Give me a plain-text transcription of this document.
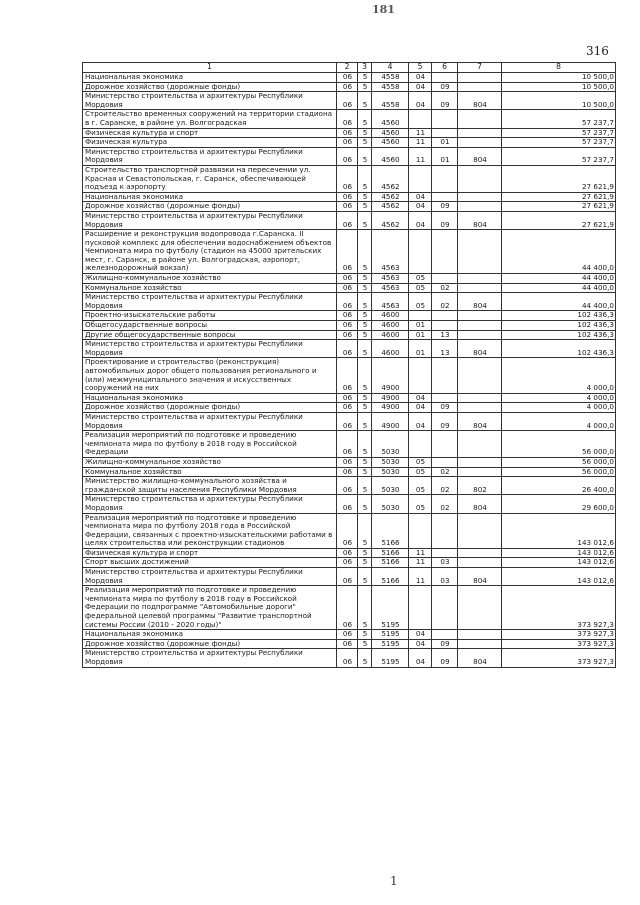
181
316
1	2	3	4	5	6	7	8
Национальная экономика	06	5	4558	04			10 500,0
Дорожное хозяйство (дорожные фонды)	06	5	4558	04	09		10 500,0
Министерство строительства и архитектуры Республики Мордовия	06	5	4558	04	09	804	10 500,0
Строительство временных сооружений на территории стадиона в г. Саранске, в районе ул. Волгоградская	06	5	4560				57 237,7
Физическая культура и спорт	06	5	4560	11			57 237,7
Физическая культура	06	5	4560	11	01		57 237,7
Министерство строительства и архитектуры Республики Мордовия	06	5	4560	11	01	804	57 237,7
Строительство транспортной развязки на пересечении ул. Красная и Севастопольская, г. Саранск, обеспечивающей подъезд к аэропорту	06	5	4562				27 621,9
Национальная экономика	06	5	4562	04			27 621,9
Дорожное хозяйство (дорожные фонды)	06	5	4562	04	09		27 621,9
Министерство строительства и архитектуры Республики Мордовия	06	5	4562	04	09	804	27 621,9
Расширение и реконструкция водопровода г.Саранска. II пусковой комплекс для обеспечения водоснабжением объектов Чемпионата мира по футболу (стадион на 45000 зрительских мест, г. Саранск, в районе ул. Волгоградская, аэропорт, железнодорожный вокзал)	06	5	4563				44 400,0
Жилищно-коммунальное хозяйство	06	5	4563	05			44 400,0
Коммунальное хозяйство	06	5	4563	05	02		44 400,0
Министерство строительства и архитектуры Республики Мордовия	06	5	4563	05	02	804	44 400,0
Проектно-изыскательские работы	06	5	4600				102 436,3
Общегосударственные вопросы	06	5	4600	01			102 436,3
Другие общегосударственные вопросы	06	5	4600	01	13		102 436,3
Министерство строительства и архитектуры Республики Мордовия	06	5	4600	01	13	804	102 436,3
Проектирование и строительство (реконструкция) автомобильных дорог общего пользования регионального и (или) межмуниципального значения и искусственных сооружений на них	06	5	4900				4 000,0
Национальная экономика	06	5	4900	04			4 000,0
Дорожное хозяйство (дорожные фонды)	06	5	4900	04	09		4 000,0
Министерство строительства и архитектуры Республики Мордовия	06	5	4900	04	09	804	4 000,0
Реализация мероприятий по подготовке и проведению чемпионата мира по футболу в 2018 году в Российской Федерации	06	5	5030				56 000,0
Жилищно-коммунальное хозяйство	06	5	5030	05			56 000,0
Коммунальное хозяйство	06	5	5030	05	02		56 000,0
Министерство жилищно-коммунального хозяйства и гражданской защиты населения Республики Мордовия	06	5	5030	05	02	802	26 400,0
Министерство строительства и архитектуры Республики Мордовия	06	5	5030	05	02	804	29 600,0
Реализация мероприятий по подготовке и проведению чемпионата мира по футболу 2018 года в Российской Федерации, связанных с проектно-изыскательскими работами в целях строительства или реконструкции стадионов	06	5	5166				143 012,6
Физическая культура и спорт	06	5	5166	11			143 012,6
Спорт высших достижений	06	5	5166	11	03		143 012,6
Министерство строительства и архитектуры Республики Мордовия	06	5	5166	11	03	804	143 012,6
Реализация мероприятий по подготовке и проведению чемпионата мира по футболу в 2018 году в Российской Федерации по подпрограмме "Автомобильные дороги" федеральной целевой программы "Развитие транспортной системы России (2010 - 2020 годы)"	06	5	5195				373 927,3
Национальная экономика	06	5	5195	04			373 927,3
Дорожное хозяйство (дорожные фонды)	06	5	5195	04	09		373 927,3
Министерство строительства и архитектуры Республики Мордовия	06	5	5195	04	09	804	373 927,3
1
